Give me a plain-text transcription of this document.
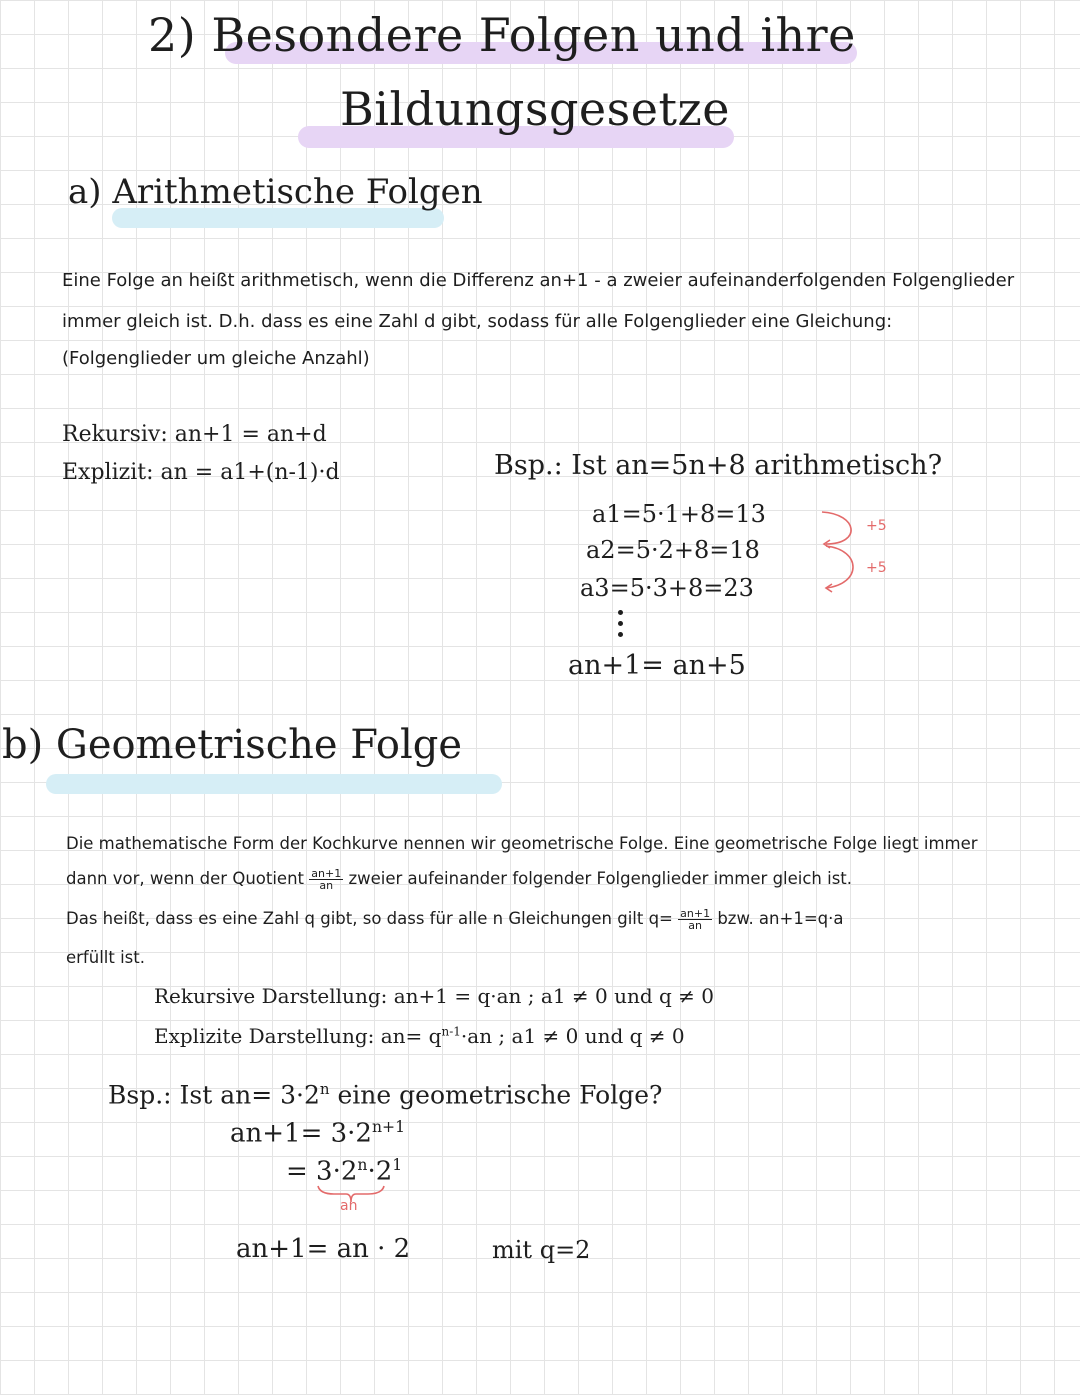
2) Besondere Folgen und ihre
Bildungsgesetze
a) Arithmetische Folgen
Eine Folge an heißt arithmetisch, wenn die Differenz an+1 - a zweier aufeinanderfolgenden Folgenglieder
immer gleich ist. D.h. dass es eine Zahl d gibt, sodass für alle Folgenglieder eine Gleichung:
(Folgenglieder um gleiche Anzahl)
Rekursiv: an+1 = an+d
Explizit: an = a1+(n-1)·d	Bsp.: Ist an=5n+8 arithmetisch?
a1=5·1+8=13
a2=5·2+8=18
a3=5·3+8=23
+5
+5
an+1= an+5
b) Geometrische Folge
Die mathematische Form der Kochkurve nennen wir geometrische Folge. Eine geometrische Folge liegt immer
dann vor, wenn der Quotient $\frac{an+1}{an}$ zweier aufeinander folgender Folgenglieder immer gleich ist.
Das heißt, dass es eine Zahl q gibt, so dass für alle n Gleichungen gilt $q= \frac{an+1}{an}$ bzw. an+1=q·a
erfüllt ist.
Rekursive Darstellung: an+1 = q·an ; a1 ≠ 0 und q ≠ 0
Explizite Darstellung: $an= q^{n-1}\cdot an$ ; a1 ≠ 0 und q ≠ 0
Bsp.: Ist $an= 3\cdot 2^n$ eine geometrische Folge?
$an+1= 3\cdot 2^{n+1}$
= $3\cdot 2^n\cdot 2^1$
an
an+1= an · 2	mit q=2
